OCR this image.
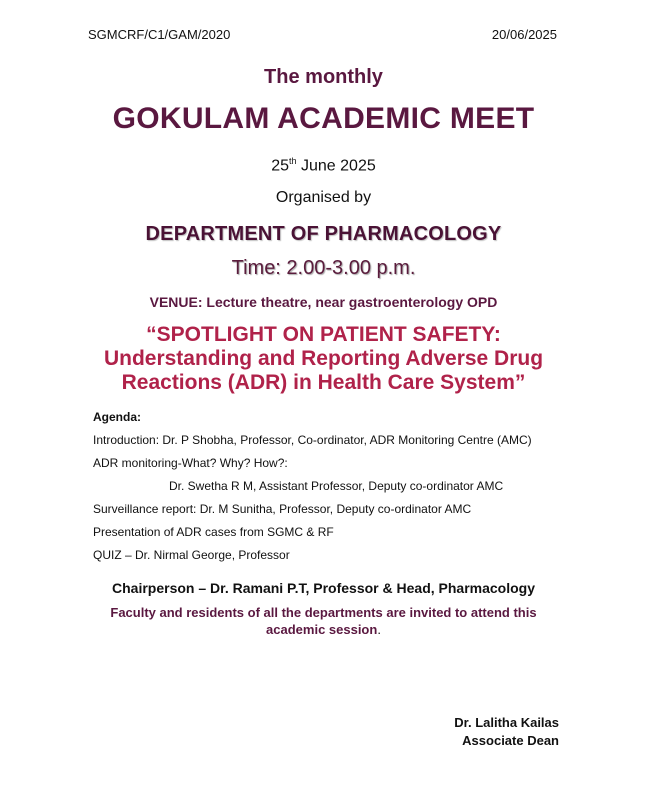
SGMCRF/C1/GAM/2020	20/06/2025
The monthly
GOKULAM ACADEMIC MEET
25th June 2025
Organised by
DEPARTMENT OF PHARMACOLOGY
Time: 2.00-3.00 p.m.
VENUE: Lecture theatre, near gastroenterology OPD
“SPOTLIGHT ON PATIENT SAFETY:
Understanding and Reporting Adverse Drug
Reactions (ADR) in Health Care System”
Agenda:
Introduction: Dr. P Shobha, Professor, Co-ordinator, ADR Monitoring Centre (AMC)
ADR monitoring-What? Why? How?:
Dr. Swetha R M, Assistant Professor, Deputy co-ordinator AMC
Surveillance report: Dr. M Sunitha, Professor, Deputy co-ordinator AMC
Presentation of ADR cases from SGMC & RF
QUIZ – Dr. Nirmal George, Professor
Chairperson – Dr. Ramani P.T, Professor & Head, Pharmacology
Faculty and residents of all the departments are invited to attend this
academic session.
Dr. Lalitha Kailas
Associate Dean
